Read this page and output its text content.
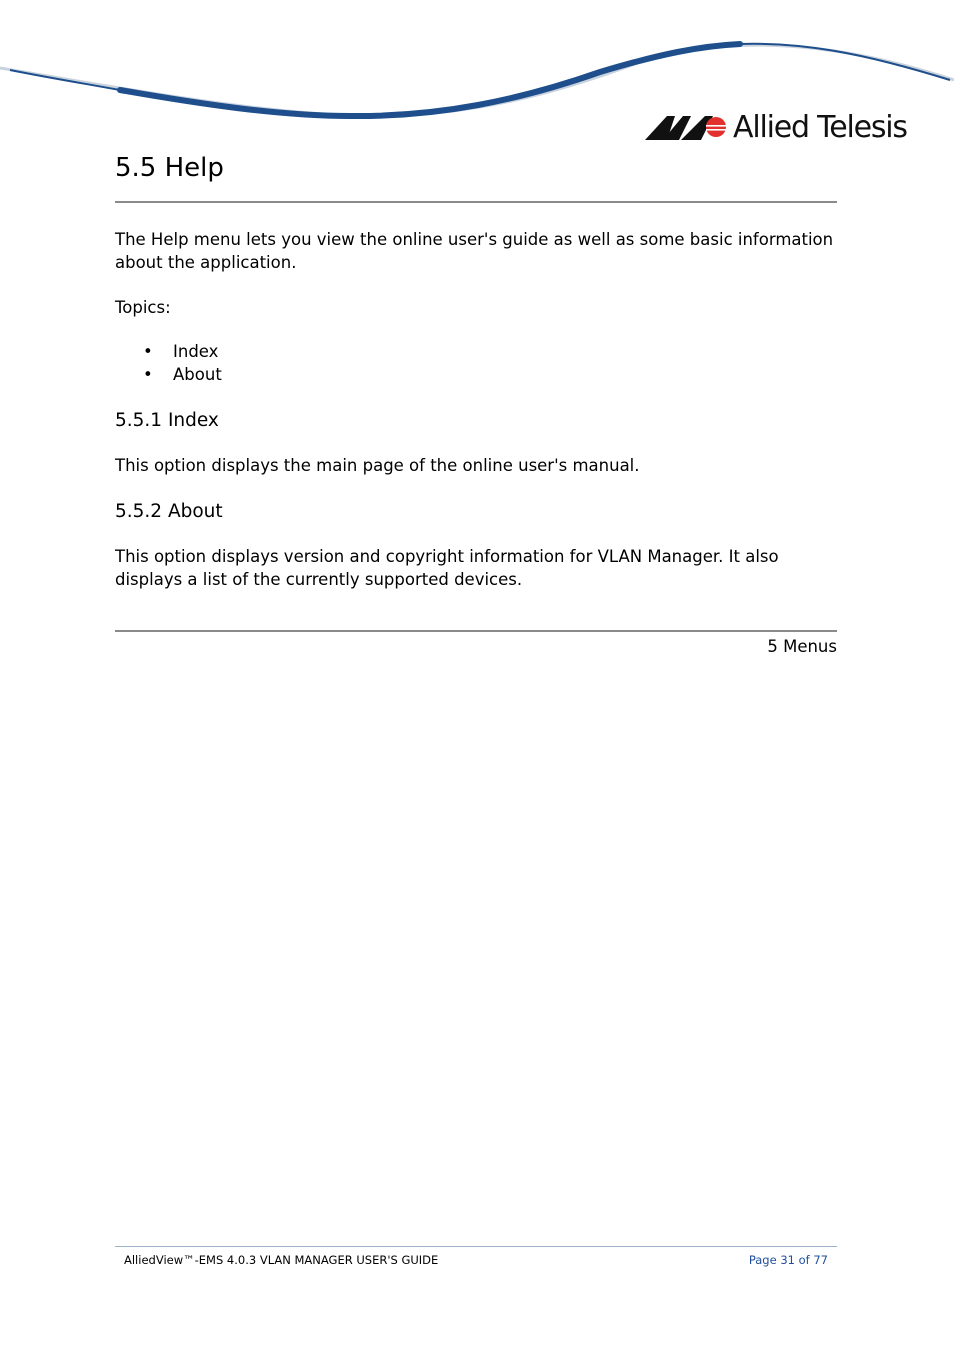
Allied Telesis
5.5 Help

The Help menu lets you view the online user's guide as well as some basic information about the application.

Topics:

• Index
• About
5.5.1 Index

This option displays the main page of the online user's manual.

5.5.2 About

This option displays version and copyright information for VLAN Manager. It also displays a list of the currently supported devices.

5 Menus
AlliedView™-EMS 4.0.3 VLAN MANAGER USER'S GUIDE	Page 31 of 77
